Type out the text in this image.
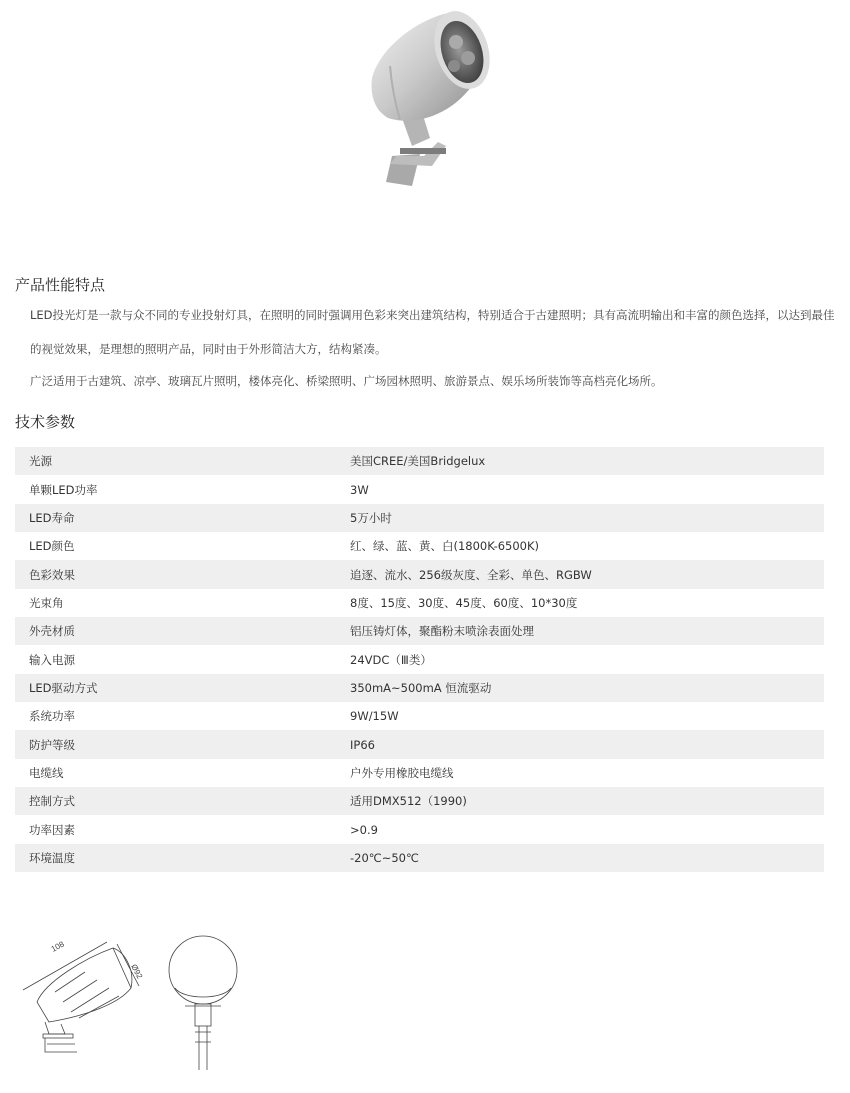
产品性能特点

LED投光灯是一款与众不同的专业投射灯具，在照明的同时强调用色彩来突出建筑结构，特别适合于古建照明；具有高流明输出和丰富的颜色选择，以达到最佳的视觉效果，是理想的照明产品，同时由于外形简洁大方，结构紧凑。

广泛适用于古建筑、凉亭、玻璃瓦片照明，楼体亮化、桥梁照明、广场园林照明、旅游景点、娱乐场所装饰等高档亮化场所。

技术参数
光源	美国CREE/美国Bridgelux
单颗LED功率	3W
LED寿命	5万小时
LED颜色	红、绿、蓝、黄、白(1800K-6500K)
色彩效果	追逐、流水、256级灰度、全彩、单色、RGBW
光束角	8度、15度、30度、45度、60度、10*30度
外壳材质	铝压铸灯体，聚酯粉末喷涂表面处理
输入电源	24VDC（Ⅲ类）
LED驱动方式	350mA~500mA 恒流驱动
系统功率	9W/15W
防护等级	IP66
电缆线	户外专用橡胶电缆线
控制方式	适用DMX512（1990)
功率因素	>0.9
环境温度	-20℃~50℃
108
Ø92
